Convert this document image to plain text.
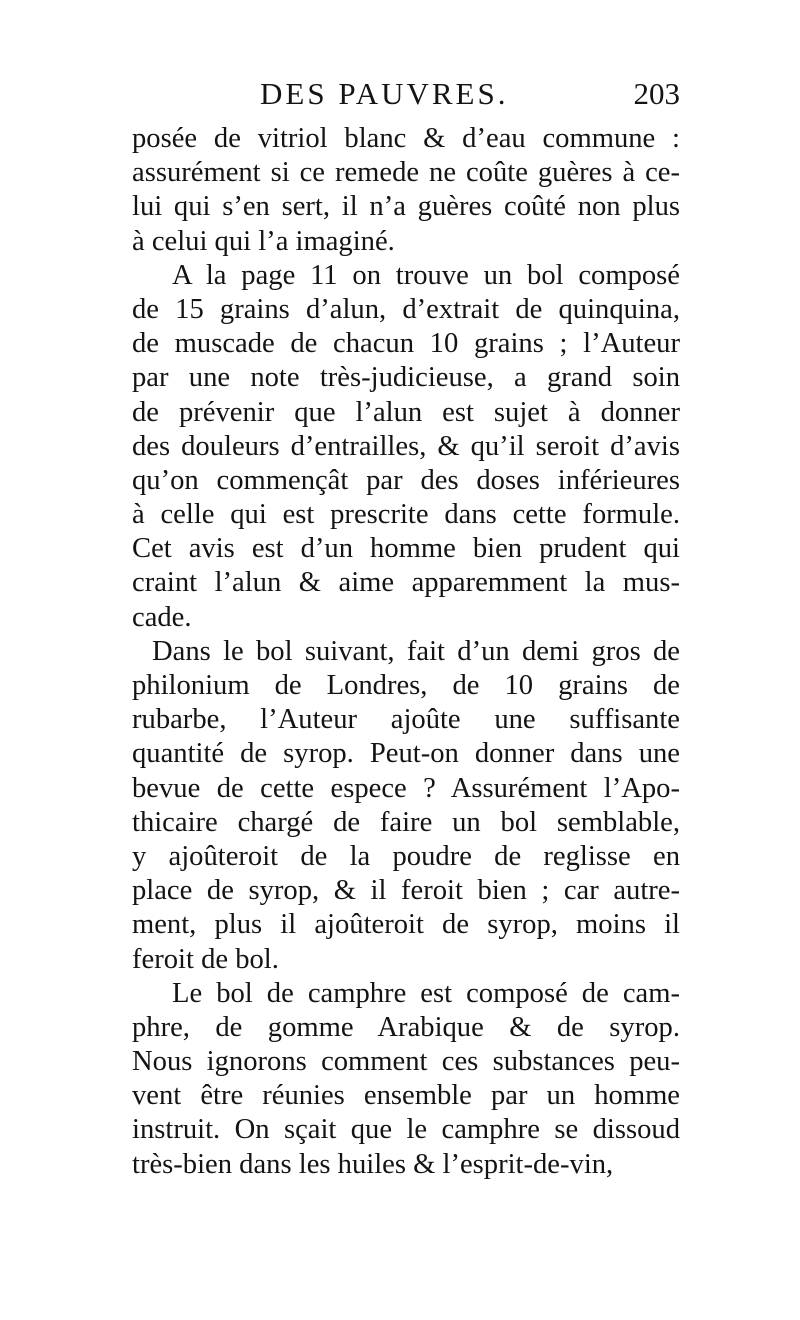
DES PAUVRES.	203
posée de vitriol blanc & d’eau commune :
assurément si ce remede ne coûte guères à ce-
lui qui s’en sert, il n’a guères coûté non plus
à celui qui l’a imaginé.
A la page 11 on trouve un bol composé
de 15 grains d’alun, d’extrait de quinquina,
de muscade de chacun 10 grains ; l’Auteur
par une note très-judicieuse, a grand soin
de prévenir que l’alun est sujet à donner
des douleurs d’entrailles, & qu’il seroit d’avis
qu’on commençât par des doses inférieures
à celle qui est prescrite dans cette formule.
Cet avis est d’un homme bien prudent qui
craint l’alun & aime apparemment la mus-
cade.
Dans le bol suivant, fait d’un demi gros de
philonium de Londres, de 10 grains de
rubarbe, l’Auteur ajoûte une suffisante
quantité de syrop. Peut-on donner dans une
bevue de cette espece ? Assurément l’Apo-
thicaire chargé de faire un bol semblable,
y ajoûteroit de la poudre de reglisse en
place de syrop, & il feroit bien ; car autre-
ment, plus il ajoûteroit de syrop, moins il
feroit de bol.
Le bol de camphre est composé de cam-
phre, de gomme Arabique & de syrop.
Nous ignorons comment ces substances peu-
vent être réunies ensemble par un homme
instruit. On sçait que le camphre se dissoud
très-bien dans les huiles & l’esprit-de-vin,
